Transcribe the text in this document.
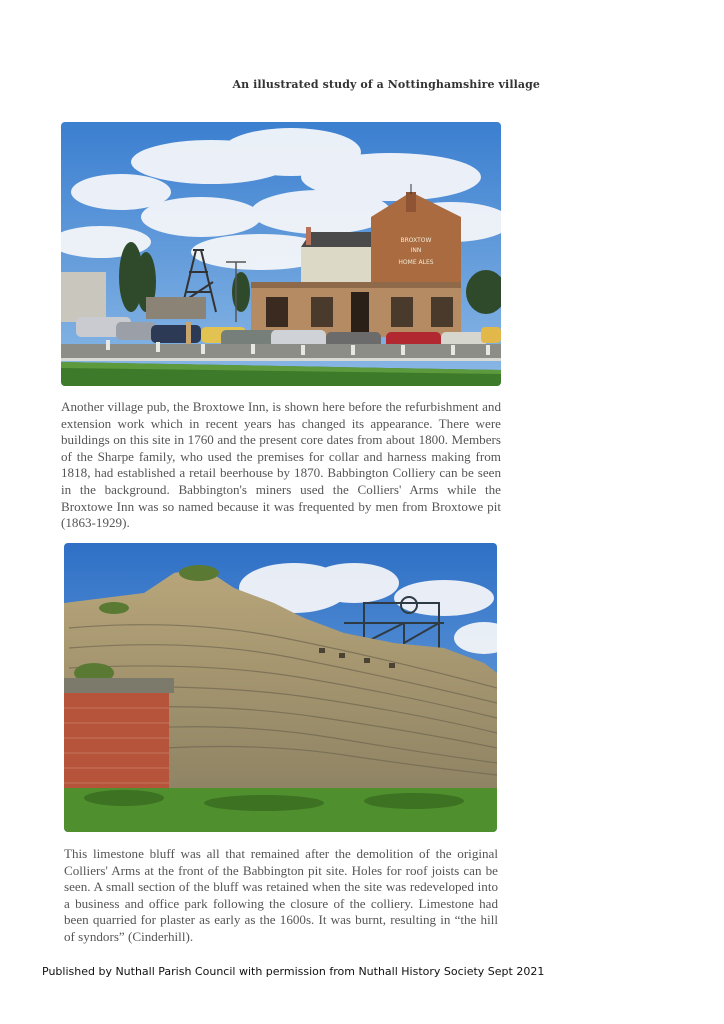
An illustrated study of a Nottinghamshire village
BROXTOW
INN
HOME ALES
Another village pub, the Broxtowe Inn, is shown here before the refurbishment and extension work which in recent years has changed its appearance. There were buildings on this site in 1760 and the present core dates from about 1800. Members of the Sharpe family, who used the premises for collar and harness making from 1818, had established a retail beerhouse by 1870. Babbington Colliery can be seen in the background. Babbington's miners used the Colliers' Arms while the Broxtowe Inn was so named because it was frequented by men from Broxtowe pit (1863-1929).
This limestone bluff was all that remained after the demolition of the original Colliers' Arms at the front of the Babbington pit site. Holes for roof joists can be seen. A small section of the bluff was retained when the site was redeveloped into a business and office park following the closure of the colliery. Limestone had been quarried for plaster as early as the 1600s. It was burnt, resulting in “the hill of syndors” (Cinderhill).
Published by Nuthall Parish Council with permission from Nuthall History Society Sept 2021
